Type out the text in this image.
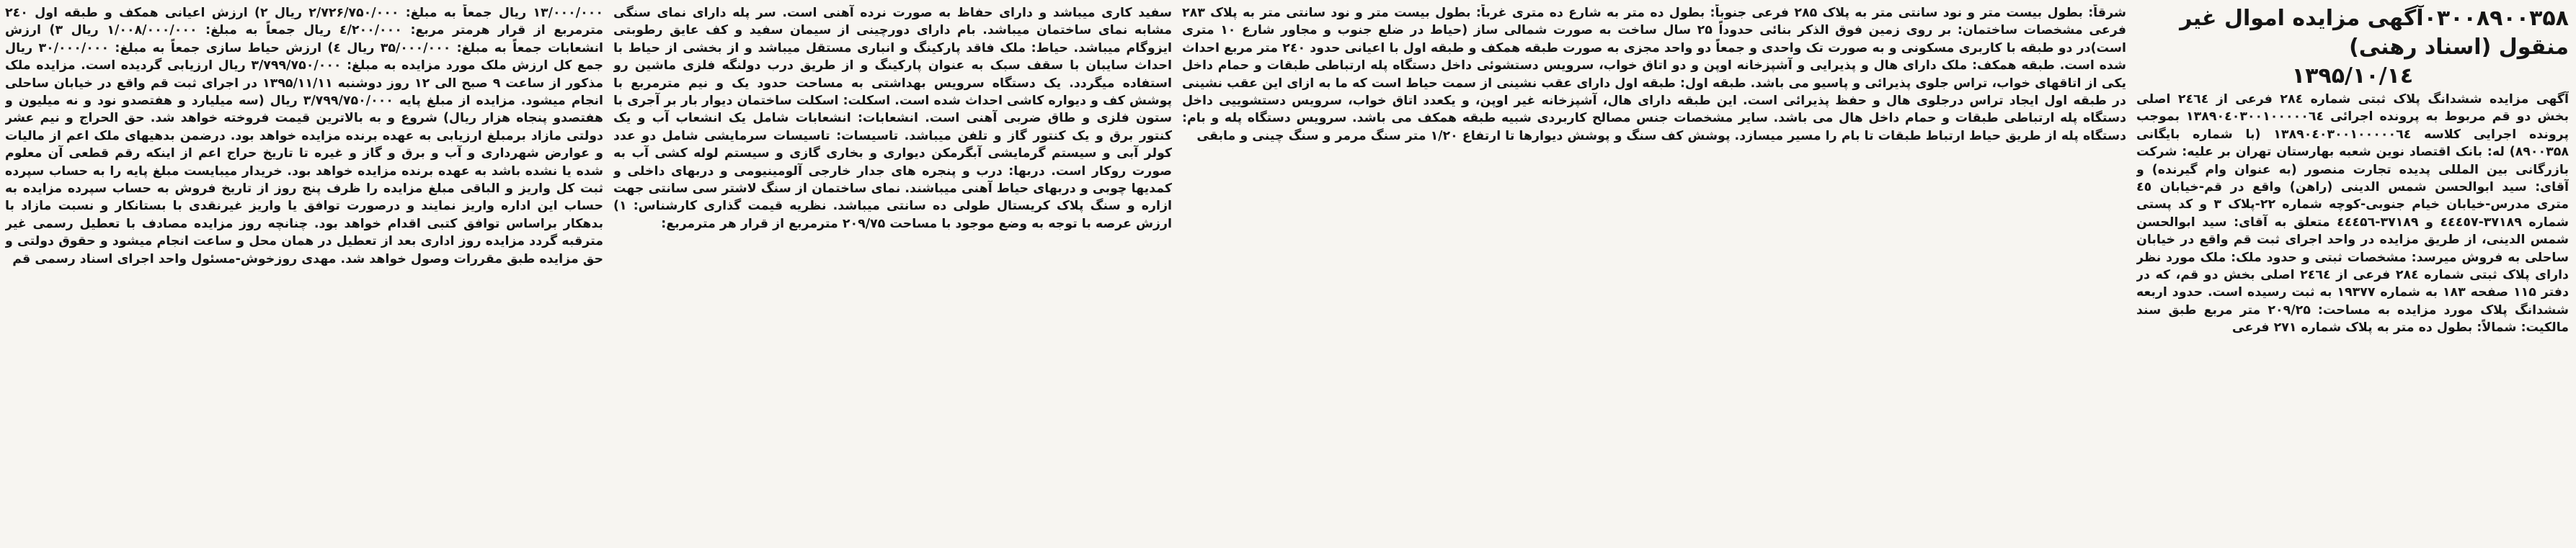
۰۳۰۰۸۹۰۰۳۵۸آگهی مزایده اموال غیر منقول (اسناد رهنی)

۱۳۹۵/۱۰/۱٤

آگهی مزایده ششدانگ پلاک ثبتی شماره ۲۸٤ فرعی از ۲٤٦٤ اصلی بخش دو قم مربوط به پرونده اجرائی ۱۳۸۹۰٤۰۳۰۰۱۰۰۰۰۰٦٤ بموجب پرونده اجرایی کلاسه ۱۳۸۹۰٤۰۳۰۰۱۰۰۰۰۰٦٤ (با شماره بایگانی ۸۹۰۰۳۵۸) له: بانک اقتصاد نوین شعبه بهارستان تهران بر علیه: شرکت بازرگانی بین المللی پدیده تجارت منصور (به عنوان وام گیرنده) و آقای: سید ابوالحسن شمس الدینی (راهن) واقع در قم-خیابان ٤٥ متری مدرس-خیابان خیام جنوبی-کوچه شماره ۲۲-پلاک ۳ و کد پستی شماره ۳۷۱۸۹-٤٤٤٥۷ و ۳۷۱۸۹-٤٤٤۵٦ متعلق به آقای: سید ابوالحسن شمس الدینی، از طریق مزایده در واحد اجرای ثبت قم واقع در خیابان ساحلی به فروش میرسد: مشخصات ثبتی و حدود ملک: ملک مورد نظر دارای پلاک ثبتی شماره ۲۸٤ فرعی از ۲٤٦٤ اصلی بخش دو قم، که در دفتر ۱۱۵ صفحه ۱۸۳ به شماره ۱۹۳۷۷ به ثبت رسیده است. حدود اربعه ششدانگ پلاک مورد مزایده به مساحت: ۲۰۹/۲۵ متر مربع طبق سند مالکیت: شمالاً: بطول ده متر به پلاک شماره ۲۷۱ فرعی

شرقاً: بطول بیست متر و نود سانتی متر به پلاک ۲۸۵ فرعی جنوباً: بطول ده متر به شارع ده متری غرباً: بطول بیست متر و نود سانتی متر به پلاک ۲۸۳ فرعی مشخصات ساختمان: بر روی زمین فوق الذکر بنائی حدوداً ۲۵ سال ساخت به صورت شمالی ساز (حیاط در ضلع جنوب و مجاور شارع ۱۰ متری است)در دو طبقه با کاربری مسکونی و به صورت تک واحدی و جمعاً دو واحد مجزی به صورت طبقه همکف و طبقه اول با اعیانی حدود ۲٤۰ متر مربع احداث شده است. طبقه همکف: ملک دارای هال و پذیرایی و آشپزخانه اوپن و دو اتاق خواب، سرویس دستشوئی داخل دستگاه پله ارتباطی طبقات و حمام داخل یکی از اتاقهای خواب، تراس جلوی پذیرائی و پاسیو می باشد. طبقه اول: طبقه اول دارای عقب نشینی از سمت حیاط است که ما به ازای این عقب نشینی در طبقه اول ایجاد تراس درجلوی هال و حفظ پذیرائی است. این طبقه دارای هال، آشپزخانه غیر اوپن، و یکعدد اتاق خواب، سرویس دستشوییی داخل دستگاه پله ارتباطی طبقات و حمام داخل هال می باشد. سایر مشخصات جنس مصالح کاربردی شبیه طبقه همکف می باشد. سرویس دستگاه پله و بام: دستگاه پله از طریق حیاط ارتباط طبقات تا بام را مسیر میسازد. پوشش کف سنگ و پوشش دیوارها تا ارتفاع ۱/۲۰ متر سنگ مرمر و سنگ چینی و مابقی

سفید کاری میباشد و دارای حفاظ به صورت نرده آهنی است. سر پله دارای نمای سنگی مشابه نمای ساختمان میباشد. بام دارای دورچینی از سیمان سفید و کف عایق رطوبتی ایزوگام میباشد. حیاط: ملک فاقد پارکینگ و انباری مستقل میباشد و از بخشی از حیاط با احداث سایبان با سقف سبک به عنوان پارکینگ و از طریق درب دولنگه فلزی ماشین رو استفاده میگردد. یک دستگاه سرویس بهداشتی به مساحت حدود یک و نیم مترمربع با پوشش کف و دیواره کاشی احداث شده است. اسکلت: اسکلت ساختمان دیوار بار بر آجری با ستون فلزی و طاق ضربی آهنی است. انشعابات: انشعابات شامل یک انشعاب آب و یک کنتور برق و یک کنتور گاز و تلفن میباشد. تاسیسات: تاسیسات سرمایشی شامل دو عدد کولر آبی و سیستم گرمایشی آبگرمکن دیواری و بخاری گازی و سیستم لوله کشی آب به صورت روکار است. دربها: درب و پنجره های جدار خارجی آلومینیومی و دربهای داخلی و کمدیها چوبی و دربهای حیاط آهنی میباشند. نمای ساختمان از سنگ لاشتر سی سانتی جهت ازاره و سنگ پلاک کریستال طولی ده سانتی میباشد. نظریه قیمت گذاری کارشناس: ۱) ارزش عرصه با توجه به وضع موجود با مساحت ۲۰۹/۷۵ مترمربع از قرار هر مترمربع:

۱۳/۰۰۰/۰۰۰ ریال جمعاً به مبلغ: ۲/۷۲۶/۷۵۰/۰۰۰ ریال ۲) ارزش اعیانی همکف و طبقه اول ۲٤۰ مترمربع از قرار هرمتر مربع: ٤/۲۰۰/۰۰۰ ریال جمعاً به مبلغ: ۱/۰۰۸/۰۰۰/۰۰۰ ریال ۳) ارزش انشعابات جمعاً به مبلغ: ۳۵/۰۰۰/۰۰۰ ریال ٤) ارزش حیاط سازی جمعاً به مبلغ: ۳۰/۰۰۰/۰۰۰ ریال جمع کل ارزش ملک مورد مزایده به مبلغ: ۳/۷۹۹/۷۵۰/۰۰۰ ریال ارزیابی گردیده است. مزایده ملک مذکور از ساعت ۹ صبح الی ۱۲ روز دوشنبه ۱۳۹۵/۱۱/۱۱ در اجرای ثبت قم واقع در خیابان ساحلی انجام میشود. مزایده از مبلغ پایه ۳/۷۹۹/۷۵۰/۰۰۰ ریال (سه میلیارد و هفتصدو نود و نه میلیون و هفتصدو پنجاه هزار ریال) شروع و به بالاترین قیمت فروخته خواهد شد. حق الحراج و نیم عشر دولتی مازاد برمبلغ ارزیابی به عهده برنده مزایده خواهد بود. درضمن بدهیهای ملک اعم از مالیات و عوارض شهرداری و آب و برق و گاز و غیره تا تاریخ حراج اعم از اینکه رقم قطعی آن معلوم شده یا نشده باشد به عهده برنده مزایده خواهد بود. خریدار میبایست مبلغ پایه را به حساب سپرده ثبت کل واریز و الباقی مبلغ مزایده را ظرف پنج روز از تاریخ فروش به حساب سپرده مزایده به حساب این اداره واریز نمایند و درصورت توافق یا واریز غیرنقدی با بستانکار و نسبت مازاد با بدهکار براساس توافق کتبی اقدام خواهد بود. چنانچه روز مزایده مصادف با تعطیل رسمی غیر مترقبه گردد مزایده روز اداری بعد از تعطیل در همان محل و ساعت انجام میشود و حقوق دولتی و حق مزایده طبق مقررات وصول خواهد شد. مهدی روزخوش-مسئول واحد اجرای اسناد رسمی قم
